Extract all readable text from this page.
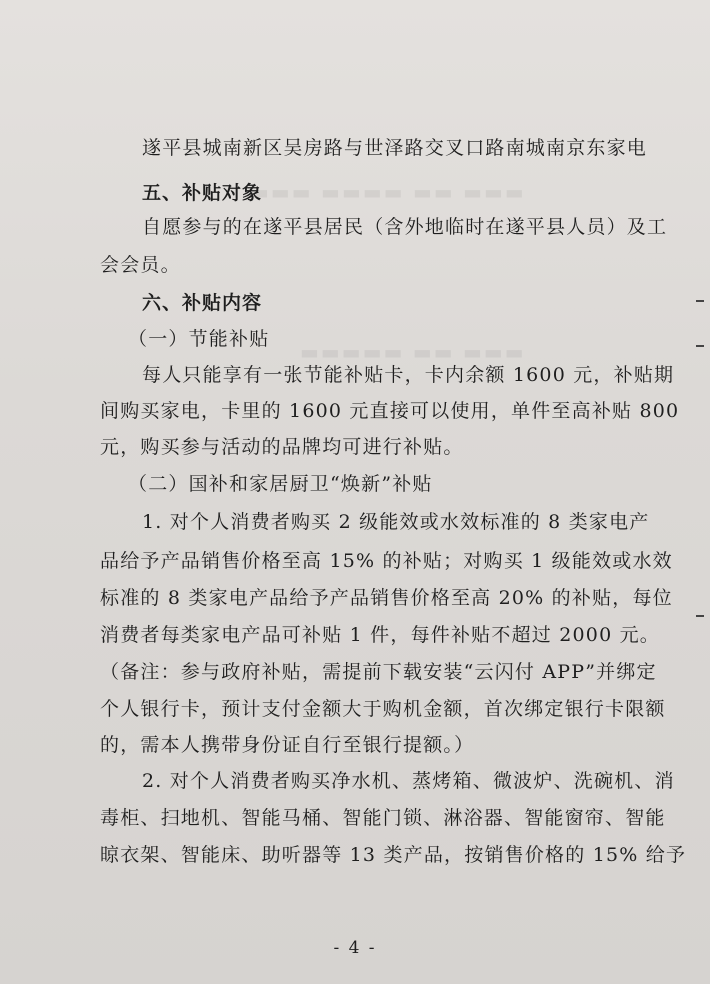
▬▬▬ ▬▬▬▬ ▬▬ ▬▬▬
▬▬▬▬▬ ▬▬ ▬▬▬
遂平县城南新区吴房路与世泽路交叉口路南城南京东家电
五、补贴对象
自愿参与的在遂平县居民（含外地临时在遂平县人员）及工
会会员。
六、补贴内容
（一）节能补贴
每人只能享有一张节能补贴卡，卡内余额 1600 元，补贴期
间购买家电，卡里的 1600 元直接可以使用，单件至高补贴 800
元，购买参与活动的品牌均可进行补贴。
（二）国补和家居厨卫“焕新”补贴
1. 对个人消费者购买 2 级能效或水效标准的 8 类家电产
品给予产品销售价格至高 15% 的补贴；对购买 1 级能效或水效
标准的 8 类家电产品给予产品销售价格至高 20% 的补贴，每位
消费者每类家电产品可补贴 1 件，每件补贴不超过 2000 元。
（备注：参与政府补贴，需提前下载安装“云闪付 APP”并绑定
个人银行卡，预计支付金额大于购机金额，首次绑定银行卡限额
的，需本人携带身份证自行至银行提额。）
2. 对个人消费者购买净水机、蒸烤箱、微波炉、洗碗机、消
毒柜、扫地机、智能马桶、智能门锁、淋浴器、智能窗帘、智能
晾衣架、智能床、助听器等 13 类产品，按销售价格的 15% 给予
- 4 -
